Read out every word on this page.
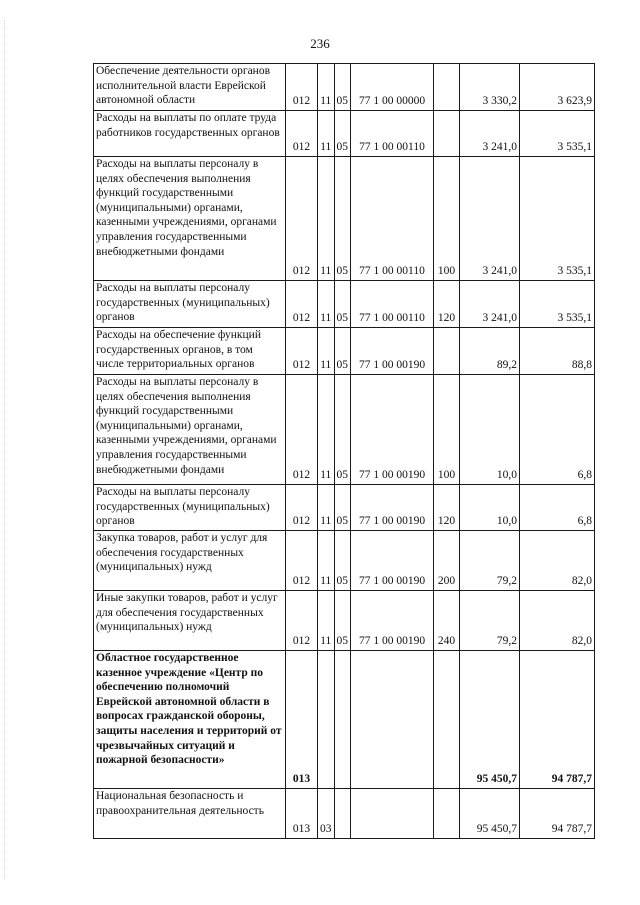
236
Обеспечение деятельности органов исполнительной власти Еврейской автономной области	012	11	05	77 1 00 00000		3 330,2	3 623,9
Расходы на выплаты по оплате труда работников государственных органов	012	11	05	77 1 00 00110		3 241,0	3 535,1
Расходы на выплаты персоналу в целях обеспечения выполнения функций государственными (муниципальными) органами, казенными учреждениями, органами управления государственными внебюджетными фондами	012	11	05	77 1 00 00110	100	3 241,0	3 535,1
Расходы на выплаты персоналу государственных (муниципальных) органов	012	11	05	77 1 00 00110	120	3 241,0	3 535,1
Расходы на обеспечение функций государственных органов, в том числе территориальных органов	012	11	05	77 1 00 00190		89,2	88,8
Расходы на выплаты персоналу в целях обеспечения выполнения функций государственными (муниципальными) органами, казенными учреждениями, органами управления государственными внебюджетными фондами	012	11	05	77 1 00 00190	100	10,0	6,8
Расходы на выплаты персоналу государственных (муниципальных) органов	012	11	05	77 1 00 00190	120	10,0	6,8
Закупка товаров, работ и услуг для обеспечения государственных (муниципальных) нужд	012	11	05	77 1 00 00190	200	79,2	82,0
Иные закупки товаров, работ и услуг для обеспечения государственных (муниципальных) нужд	012	11	05	77 1 00 00190	240	79,2	82,0
Областное государственное казенное учреждение «Центр по обеспечению полномочий Еврейской автономной области в вопросах гражданской обороны, защиты населения и территорий от чрезвычайных ситуаций и пожарной безопасности»	013					95 450,7	94 787,7
Национальная безопасность и правоохранительная деятельность	013	03				95 450,7	94 787,7
